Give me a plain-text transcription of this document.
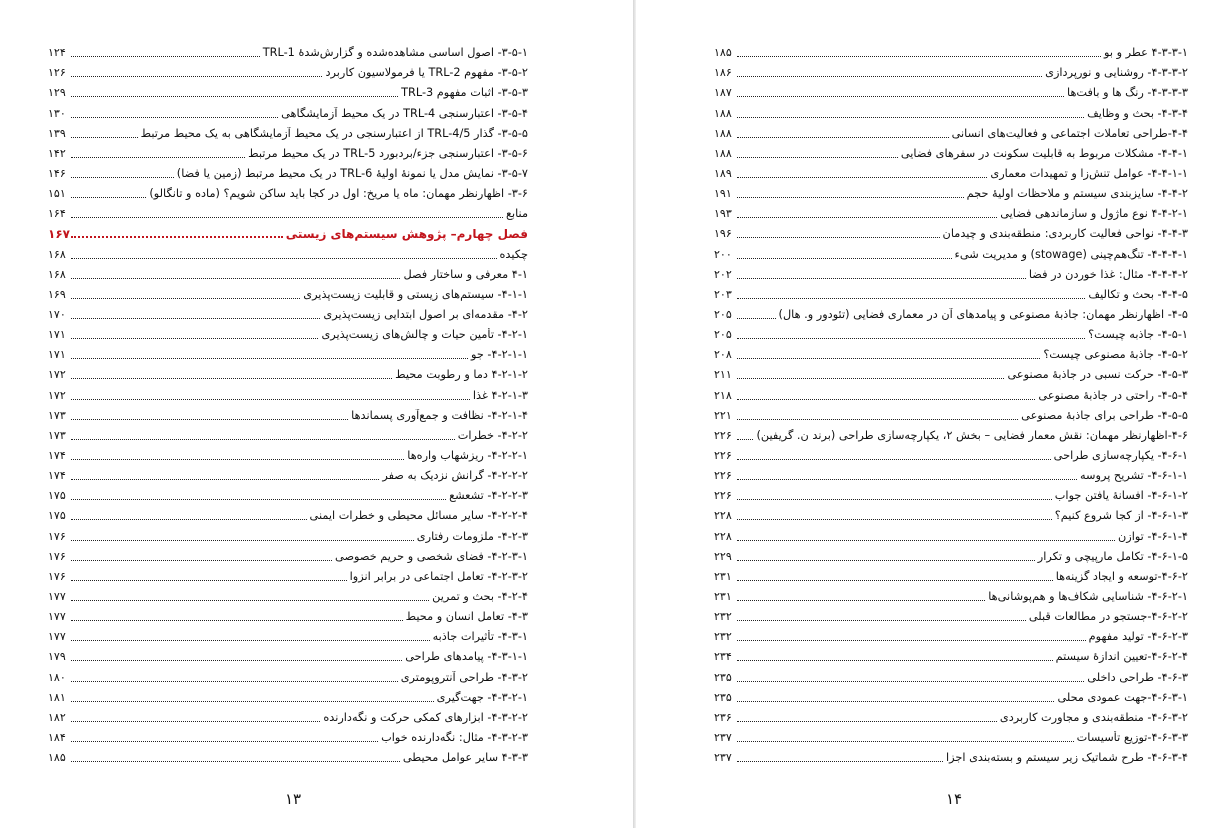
۳-۵-۱- اصول اساسی مشاهده‌شده و گزارش‌شدۀ TRL-1
۱۲۴
۳-۵-۲- مفهوم TRL-2 یا فرمولاسیون کاربرد
۱۲۶
۳-۵-۳- اثبات مفهوم TRL-3
۱۲۹
۳-۵-۴- اعتبارسنجی TRL-4 در یک محیط آزمایشگاهی
۱۳۰
۳-۵-۵- گذار TRL-4/5 از اعتبارسنجی در یک محیط آزمایشگاهی به یک محیط مرتبط
۱۳۹
۳-۵-۶- اعتبارسنجی جزء/بردبورد TRL-5 در یک محیط مرتبط
۱۴۲
۳-۵-۷- نمایش مدل یا نمونۀ اولیۀ TRL-6 در یک محیط مرتبط (زمین یا فضا)
۱۴۶
۳-۶- اظهارنظر مهمان: ماه یا مریخ: اول در کجا باید ساکن شویم؟ (ماده و تانگالو)
۱۵۱
منابع
۱۶۴
فصل چهارم– پژوهش سیستم‌های زیستی
۱۶۷
چکیده
۱۶۸
۴-۱ معرفی و ساختار فصل
۱۶۸
۴-۱-۱- سیستم‌های زیستی و قابلیت زیست‌پذیری
۱۶۹
۴-۲- مقدمه‌ای بر اصول ابتدایی زیست‌پذیری
۱۷۰
۴-۲-۱- تأمین حیات و چالش‌های زیست‌پذیری
۱۷۱
۴-۲-۱-۱- جو
۱۷۱
۴-۲-۱-۲ دما و رطوبت محیط
۱۷۲
۴-۲-۱-۳ غذا
۱۷۲
۴-۲-۱-۴- نظافت و جمع‌آوری پسماندها
۱۷۳
۴-۲-۲- خطرات
۱۷۳
۴-۲-۲-۱- ریزشهاب واره‌ها
۱۷۴
۴-۲-۲-۲- گرانش نزدیک به صفر
۱۷۴
۴-۲-۲-۳- تشعشع
۱۷۵
۴-۲-۲-۴- سایر مسائل محیطی و خطرات ایمنی
۱۷۵
۴-۲-۳- ملزومات رفتاری
۱۷۶
۴-۲-۳-۱- فضای شخصی و حریم خصوصی
۱۷۶
۴-۲-۳-۲- تعامل اجتماعی در برابر انزوا
۱۷۶
۴-۲-۴- بحث و تمرین
۱۷۷
۴-۳- تعامل انسان و محیط
۱۷۷
۴-۳-۱- تأثیرات جاذبه
۱۷۷
۴-۳-۱-۱- پیامدهای طراحی
۱۷۹
۴-۳-۲- طراحی آنتروپومتری
۱۸۰
۴-۳-۲-۱- جهت‌گیری
۱۸۱
۴-۳-۲-۲- ابزارهای کمکی حرکت و نگه‌دارنده
۱۸۲
۴-۳-۲-۳- مثال: نگه‌دارنده خواب
۱۸۴
۴-۳-۳ سایر عوامل محیطی
۱۸۵
۱۳
۴-۳-۳-۱ عطر و بو
۱۸۵
۴-۳-۳-۲- روشنایی و نورپردازی
۱۸۶
۴-۳-۳-۳- رنگ ها و بافت‌ها
۱۸۷
۴-۳-۴- بحث و وظایف
۱۸۸
۴-۴-طراحی تعاملات اجتماعی و فعالیت‌های انسانی
۱۸۸
۴-۴-۱- مشکلات مربوط به قابلیت سکونت در سفرهای فضایی
۱۸۸
۴-۴-۱-۱- عوامل تنش‌زا و تمهیدات معماری
۱۸۹
۴-۴-۲- سایزبندی سیستم و ملاحظات اولیۀ حجم
۱۹۱
۴-۴-۲-۱ نوع ماژول و سازماندهی فضایی
۱۹۳
۴-۴-۳- نواحی فعالیت کاربردی: منطقه‌بندی و چیدمان
۱۹۶
۴-۴-۴-۱- تنگ‌هم‌چینی (stowage) و مدیریت شیء
۲۰۰
۴-۴-۴-۲- مثال: غذا خوردن در فضا
۲۰۲
۴-۴-۵- بحث و تکالیف
۲۰۳
۴-۵- اظهارنظر مهمان: جاذبۀ مصنوعی و پیامدهای آن در معماری فضایی (تئودور و. هال)
۲۰۵
۴-۵-۱- جاذبه چیست؟
۲۰۵
۴-۵-۲- جاذبۀ مصنوعی چیست؟
۲۰۸
۴-۵-۳- حرکت نسبی در جاذبۀ مصنوعی
۲۱۱
۴-۵-۴- راحتی در جاذبۀ مصنوعی
۲۱۸
۴-۵-۵- طراحی برای جاذبۀ مصنوعی
۲۲۱
۴-۶-اظهارنظر مهمان: نقش معمار فضایی – بخش ۲، یکپارچه‌سازی طراحی (برند ن. گریفین)
۲۲۶
۴-۶-۱- یکپارچه‌سازی طراحی
۲۲۶
۴-۶-۱-۱- تشریح پروسه
۲۲۶
۴-۶-۱-۲- افسانۀ یافتن جواب
۲۲۶
۴-۶-۱-۳- از کجا شروع کنیم؟
۲۲۸
۴-۶-۱-۴- توازن
۲۲۸
۴-۶-۱-۵- تکامل مارپیچی و تکرار
۲۲۹
۴-۶-۲-توسعه و ایجاد گزینه‌ها
۲۳۱
۴-۶-۲-۱- شناسایی شکاف‌ها و هم‌پوشانی‌ها
۲۳۱
۴-۶-۲-۲-جستجو در مطالعات قبلی
۲۳۲
۴-۶-۲-۳- تولید مفهوم
۲۳۲
۴-۶-۲-۴-تعیین اندازۀ سیستم
۲۳۴
۴-۶-۳- طراحی داخلی
۲۳۵
۴-۶-۳-۱-جهت عمودی محلی
۲۳۵
۴-۶-۳-۲- منطقه‌بندی و مجاورت کاربردی
۲۳۶
۴-۶-۳-۳-توزیع تأسیسات
۲۳۷
۴-۶-۳-۴- طرح شماتیک زیر سیستم و بسته‌بندی اجزا
۲۳۷
۱۴
